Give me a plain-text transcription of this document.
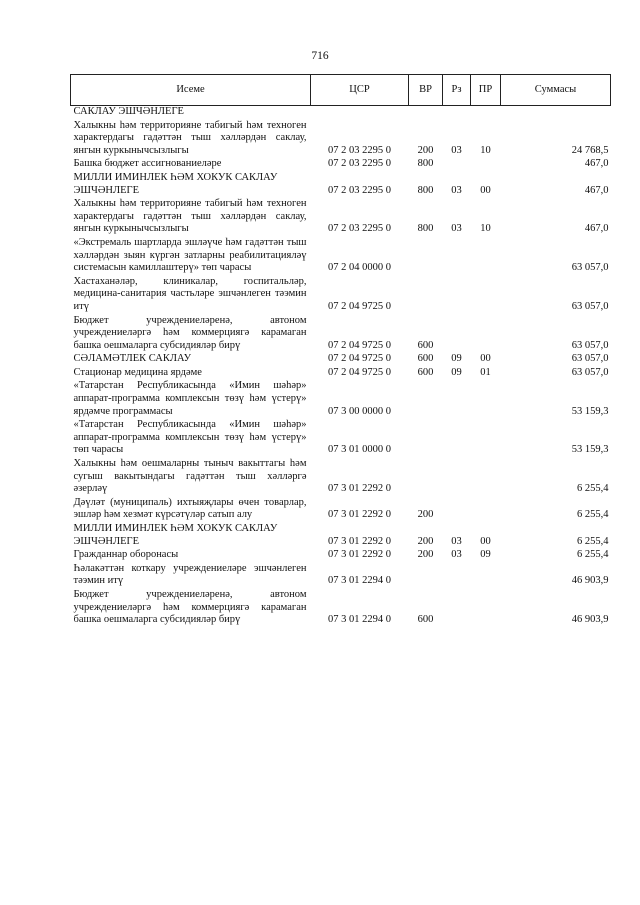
716
Исеме	ЦСР	ВР	Рз	ПР	Суммасы
САКЛАУ ЭШЧӘНЛЕГЕ					
Халыкны һәм территорияне табигый һәм техноген характердагы гадәттән тыш хәлләрдән саклау, янгын куркынычсызлыгы	07 2 03 2295 0	200	03	10	24 768,5
Башка бюджет ассигнованиеләре	07 2 03 2295 0	800			467,0
МИЛЛИ ИМИНЛЕК ҺӘМ ХОКУК САКЛАУ ЭШЧӘНЛЕГЕ	07 2 03 2295 0	800	03	00	467,0
Халыкны һәм территорияне табигый һәм техноген характердагы гадәттән тыш хәлләрдән саклау, янгын куркынычсызлыгы	07 2 03 2295 0	800	03	10	467,0
«Экстремаль шартларда эшләүче һәм гадәттән тыш хәлләрдән зыян күргән затларны реабилитацияләү системасын камиллаштерү» төп чарасы	07 2 04 0000 0				63 057,0
Хастаханәләр, клиникалар, госпитальләр, медицина-санитария частьләре эшчәнлеген тәэмин итү	07 2 04 9725 0				63 057,0
Бюджет учреждениеләренә, автоном учреждениеләргә һәм коммерциягә карамаган башка оешмаларга субсидияләр бирү	07 2 04 9725 0	600			63 057,0
СӘЛАМӘТЛЕК САКЛАУ	07 2 04 9725 0	600	09	00	63 057,0
Стационар медицина ярдәме	07 2 04 9725 0	600	09	01	63 057,0
«Татарстан Республикасында «Имин шәһәр» аппарат-программа комплексын төзү һәм үстерү» ярдәмче программасы	07 3 00 0000 0				53 159,3
«Татарстан Республикасында «Имин шәһәр» аппарат-программа комплексын төзү һәм үстерү» төп чарасы	07 3 01 0000 0				53 159,3
Халыкны һәм оешмаларны тыныч вакыттагы һәм сугыш вакытындагы гадәттән тыш хәлләргә әзерләү	07 3 01 2292 0				6 255,4
Дәүләт (муниципаль) ихтыяҗлары өчен товарлар, эшләр һәм хезмәт күрсәтүләр сатып алу	07 3 01 2292 0	200			6 255,4
МИЛЛИ ИМИНЛЕК ҺӘМ ХОКУК САКЛАУ ЭШЧӘНЛЕГЕ	07 3 01 2292 0	200	03	00	6 255,4
Гражданнар оборонасы	07 3 01 2292 0	200	03	09	6 255,4
Һәлакәттән коткару учреждениеләре эшчәнлеген тәэмин итү	07 3 01 2294 0				46 903,9
Бюджет учреждениеләренә, автоном учреждениеләргә һәм коммерциягә карамаган башка оешмаларга субсидияләр бирү	07 3 01 2294 0	600			46 903,9
